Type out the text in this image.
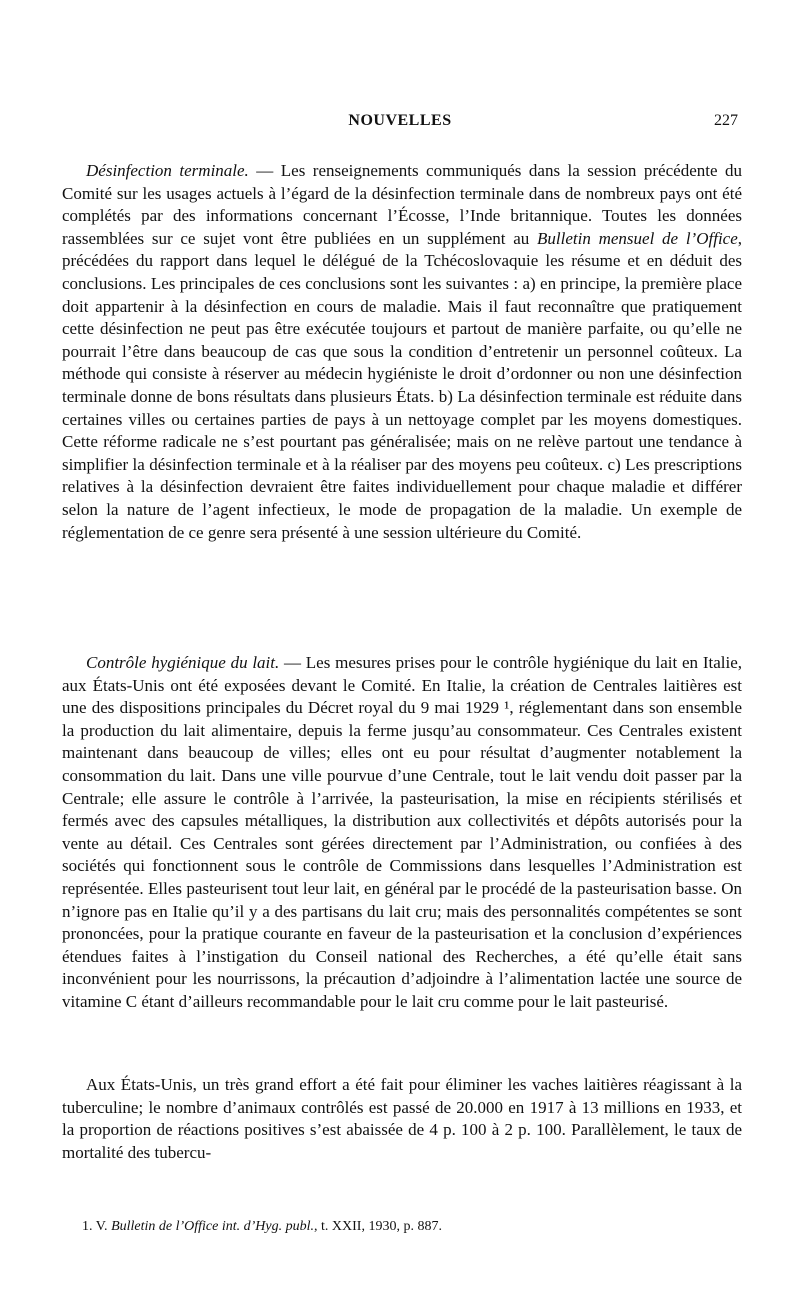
NOUVELLES	227

Désinfection terminale. — Les renseignements communiqués dans la session précédente du Comité sur les usages actuels à l’égard de la désinfection terminale dans de nombreux pays ont été complétés par des informations concernant l’Écosse, l’Inde britannique. Toutes les données rassemblées sur ce sujet vont être publiées en un supplément au Bulletin mensuel de l’Office, précédées du rapport dans lequel le délégué de la Tchécoslovaquie les résume et en déduit des conclusions. Les principales de ces conclusions sont les suivantes : a) en principe, la première place doit appartenir à la désinfection en cours de maladie. Mais il faut reconnaître que pratiquement cette désinfection ne peut pas être exécutée toujours et partout de manière parfaite, ou qu’elle ne pourrait l’être dans beaucoup de cas que sous la condition d’entretenir un personnel coûteux. La méthode qui consiste à réserver au médecin hygiéniste le droit d’ordonner ou non une désinfection terminale donne de bons résultats dans plusieurs États. b) La désinfection terminale est réduite dans certaines villes ou certaines parties de pays à un nettoyage complet par les moyens domestiques. Cette réforme radicale ne s’est pourtant pas généralisée; mais on ne relève partout une tendance à simplifier la désinfection terminale et à la réaliser par des moyens peu coûteux. c) Les prescriptions relatives à la désinfection devraient être faites individuellement pour chaque maladie et différer selon la nature de l’agent infectieux, le mode de propagation de la maladie. Un exemple de réglementation de ce genre sera présenté à une session ultérieure du Comité.

Contrôle hygiénique du lait. — Les mesures prises pour le contrôle hygiénique du lait en Italie, aux États-Unis ont été exposées devant le Comité. En Italie, la création de Centrales laitières est une des dispositions principales du Décret royal du 9 mai 1929 ¹, réglementant dans son ensemble la production du lait alimentaire, depuis la ferme jusqu’au consommateur. Ces Centrales existent maintenant dans beaucoup de villes; elles ont eu pour résultat d’augmenter notablement la consommation du lait. Dans une ville pourvue d’une Centrale, tout le lait vendu doit passer par la Centrale; elle assure le contrôle à l’arrivée, la pasteurisation, la mise en récipients stérilisés et fermés avec des capsules métalliques, la distribution aux collectivités et dépôts autorisés pour la vente au détail. Ces Centrales sont gérées directement par l’Administration, ou confiées à des sociétés qui fonctionnent sous le contrôle de Commissions dans lesquelles l’Administration est représentée. Elles pasteurisent tout leur lait, en général par le procédé de la pasteurisation basse. On n’ignore pas en Italie qu’il y a des partisans du lait cru; mais des personnalités compétentes se sont prononcées, pour la pratique courante en faveur de la pasteurisation et la conclusion d’expériences étendues faites à l’instigation du Conseil national des Recherches, a été qu’elle était sans inconvénient pour les nourrissons, la précaution d’adjoindre à l’alimentation lactée une source de vitamine C étant d’ailleurs recommandable pour le lait cru comme pour le lait pasteurisé.

Aux États-Unis, un très grand effort a été fait pour éliminer les vaches laitières réagissant à la tuberculine; le nombre d’animaux contrôlés est passé de 20.000 en 1917 à 13 millions en 1933, et la proportion de réactions positives s’est abaissée de 4 p. 100 à 2 p. 100. Parallèlement, le taux de mortalité des tubercu-

1. V. Bulletin de l’Office int. d’Hyg. publ., t. XXII, 1930, p. 887.
